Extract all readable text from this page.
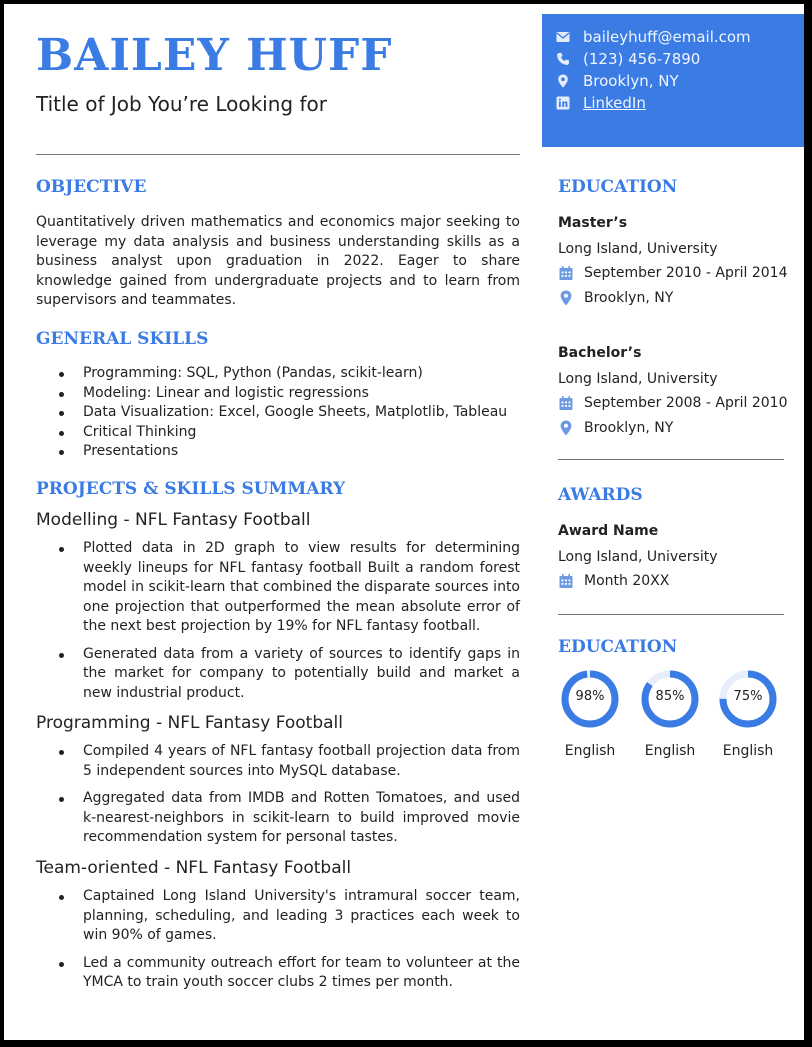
BAILEY HUFF
Title of Job You’re Looking for
baileyhuff@email.com
(123) 456-7890
Brooklyn, NY
LinkedIn
OBJECTIVE

Quantitatively driven mathematics and economics major seeking to leverage my data analysis and business understanding skills as a business analyst upon graduation in 2022. Eager to share knowledge gained from undergraduate projects and to learn from supervisors and teammates.

GENERAL SKILLS
Programming: SQL, Python (Pandas, scikit-learn)
Modeling: Linear and logistic regressions
Data Visualization: Excel, Google Sheets, Matplotlib, Tableau
Critical Thinking
Presentations
PROJECTS & SKILLS SUMMARY
Modelling - NFL Fantasy Football
Plotted data in 2D graph to view results for determining weekly lineups for NFL fantasy football Built a random forest model in scikit-learn that combined the disparate sources into one projection that outperformed the mean absolute error of the next best projection by 19% for NFL fantasy football.
Generated data from a variety of sources to identify gaps in the market for company to potentially build and market a new industrial product.
Programming - NFL Fantasy Football
Compiled 4 years of NFL fantasy football projection data from 5 independent sources into MySQL database.
Aggregated data from IMDB and Rotten Tomatoes, and used k-nearest-neighbors in scikit-learn to build improved movie recommendation system for personal tastes.
Team-oriented - NFL Fantasy Football
Captained Long Island University's intramural soccer team, planning, scheduling, and leading 3 practices each week to win 90% of games.
Led a community outreach effort for team to volunteer at the YMCA to train youth soccer clubs 2 times per month.
EDUCATION

Master’s

Long Island, University

September 2010 - April 2014
Brooklyn, NY

Bachelor’s

Long Island, University

September 2008 - April 2010
Brooklyn, NY
AWARDS

Award Name

Long Island, University

Month 20XX
EDUCATION
98%
English
85%
English
75%
English
